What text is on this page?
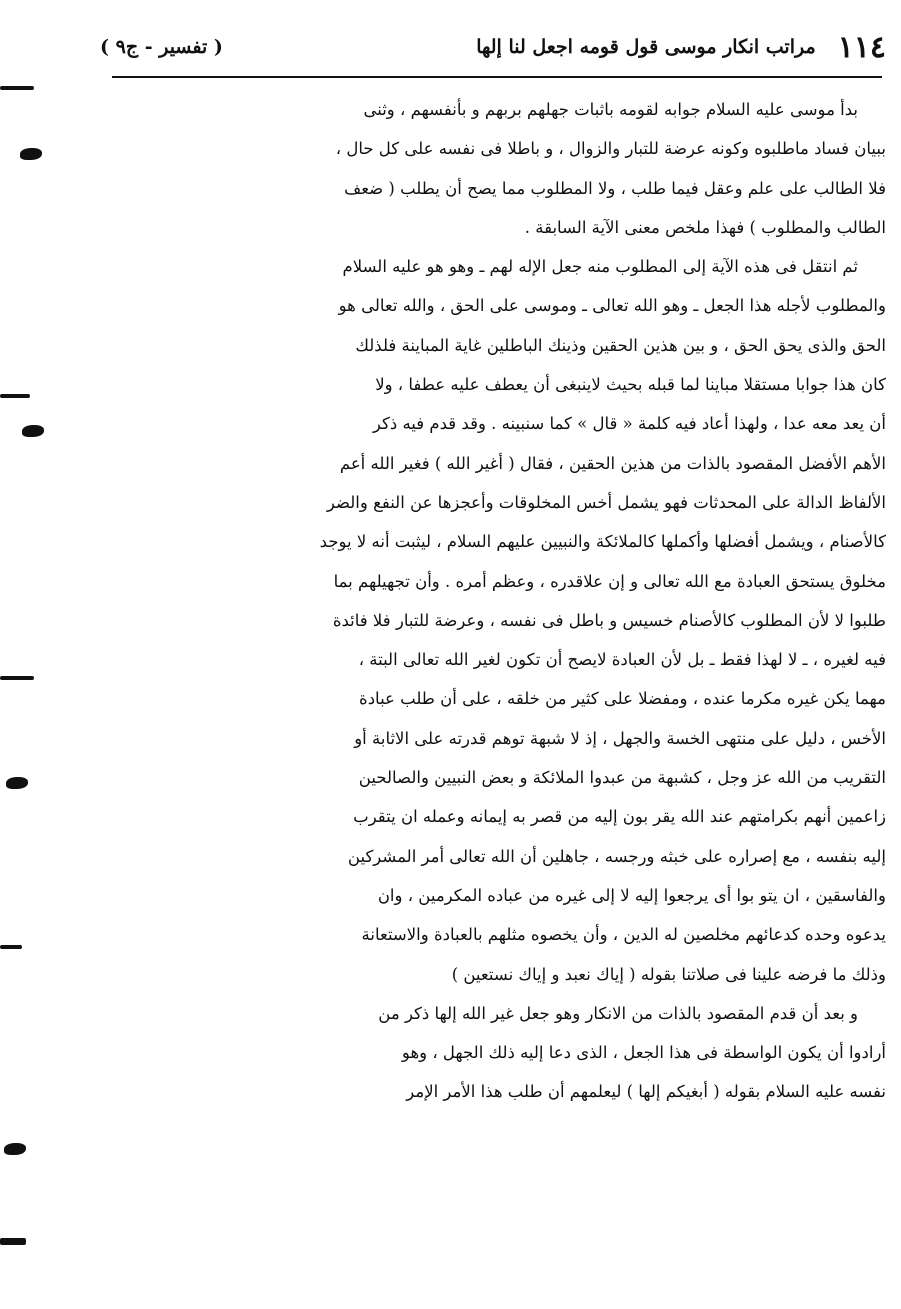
١١٤
مراتب انكار موسى قول قومه اجعل لنا إلها
( تفسير - ج٩ )
بدأ موسى عليه السلام جوابه لقومه باثبات جهلهم بربهم و بأنفسهم ، وثنى
ببيان فساد ماطلبوه وكونه عرضة للتبار والزوال ، و باطلا فى نفسه على كل حال ،
فلا الطالب على علم وعقل فيما طلب ، ولا المطلوب مما يصح أن يطلب ( ضعف
الطالب والمطلوب ) فهذا ملخص معنى الآية السابقة .
ثم انتقل فى هذه الآية إلى المطلوب منه جعل الإله لهم ـ وهو هو عليه السلام
والمطلوب لأجله هذا الجعل ـ وهو الله تعالى ـ وموسى على الحق ، والله تعالى هو
الحق والذى يحق الحق ، و بين هذين الحقين وذينك الباطلين غاية المباينة فلذلك
كان هذا جوابا مستقلا مباينا لما قبله بحيث لاينبغى أن يعطف عليه عطفا ، ولا
أن يعد معه عدا ، ولهذا أعاد فيه كلمة « قال » كما سنبينه . وقد قدم فيه ذكر
الأهم الأفضل المقصود بالذات من هذين الحقين ، فقال ( أغير الله ) فغير الله أعم
الألفاظ الدالة على المحدثات فهو يشمل أخس المخلوقات وأعجزها عن النفع والضر
كالأصنام ، ويشمل أفضلها وأكملها كالملائكة والنبيين عليهم السلام ، ليثبت أنه لا يوجد
مخلوق يستحق العبادة مع الله تعالى و إن علاقدره ، وعظم أمره . وأن تجهيلهم بما
طلبوا لا لأن المطلوب كالأصنام خسيس و باطل فى نفسه ، وعرضة للتبار فلا فائدة
فيه لغيره ، ـ لا لهذا فقط ـ بل لأن العبادة لايصح أن تكون لغير الله تعالى البتة ،
مهما يكن غيره مكرما عنده ، ومفضلا على كثير من خلقه ، على أن طلب عبادة
الأخس ، دليل على منتهى الخسة والجهل ، إذ لا شبهة توهم قدرته على الاثابة أو
التقريب من الله عز وجل ، كشبهة من عبدوا الملائكة و بعض النبيين والصالحين
زاعمين أنهم بكرامتهم عند الله يقر بون إليه من قصر به إيمانه وعمله ان يتقرب
إليه بنفسه ، مع إصراره على خبثه ورجسه ، جاهلين أن الله تعالى أمر المشركين
والفاسقين ، ان يتو بوا أى يرجعوا إليه لا إلى غيره من عباده المكرمين ، وان
يدعوه وحده كدعائهم مخلصين له الدين ، وأن يخصوه مثلهم بالعبادة والاستعانة
وذلك ما فرضه علينا فى صلاتنا بقوله ( إياك نعبد و إياك نستعين )
و بعد أن قدم المقصود بالذات من الانكار وهو جعل غير الله إلها ذكر من
أرادوا أن يكون الواسطة فى هذا الجعل ، الذى دعا إليه ذلك الجهل ، وهو
نفسه عليه السلام بقوله ( أبغيكم إلها ) ليعلمهم أن طلب هذا الأمر الإمر
